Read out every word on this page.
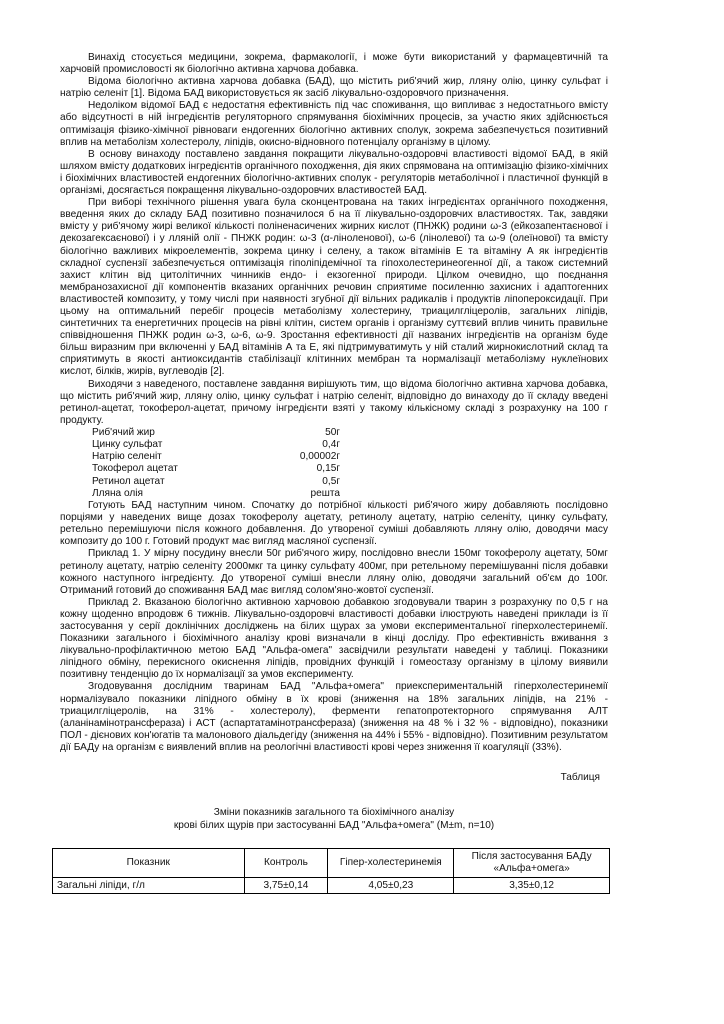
Винахід стосується медицини, зокрема, фармакології, і може бути використаний у фармацевтичній та харчовій промисловості як біологічно активна харчова добавка.

Відома біологічно активна харчова добавка (БАД), що містить риб'ячий жир, лляну олію, цинку сульфат і натрію селеніт [1]. Відома БАД використовується як засіб лікувально-оздоровчого призначення.

Недоліком відомої БАД є недостатня ефективність під час споживання, що випливає з недостатнього вмісту або відсутності в ній інгредієнтів регуляторного спрямування біохімічних процесів, за участю яких здійснюється оптимізація фізико-хімічної рівноваги ендогенних біологічно активних сполук, зокрема забезпечується позитивний вплив на метаболізм холестеролу, ліпідів, окисно-відновного потенціалу організму в цілому.

В основу винаходу поставлено завдання покращити лікувально-оздоровчі властивості відомої БАД, в якій шляхом вмісту додаткових інгредієнтів органічного походження, дія яких спрямована на оптимізацію фізико-хімічних і біохімічних властивостей ендогенних біологічно-активних сполук - регуляторів метаболічної і пластичної функцій в організмі, досягається покращення лікувально-оздоровчих властивостей БАД.

При виборі технічного рішення увага була сконцентрована на таких інгредієнтах органічного походження, введення яких до складу БАД позитивно позначилося б на її лікувально-оздоровчих властивостях. Так, завдяки вмісту у риб'ячому жирі великої кількості поліненасичених жирних кислот (ПНЖК) родини ω-3 (ейкозапентаєнової і декозагексаєнової) і у лляній олії - ПНЖК родин: ω-3 (α-ліноленової), ω-6 (лінолевої) та ω-9 (олеїнової) та вмісту біологічно важливих мікроелементів, зокрема цинку і селену, а також вітамінів Е та вітаміну А як інгредієнтів складної суспензії забезпечується оптимізація гіполіпідемічної та гіпохолестеринеогенної дії, а також системний захист клітин від цитолітичних чинників ендо- і екзогенної природи. Цілком очевидно, що поєднання мембранозахисної дії компонентів вказаних органічних речовин сприятиме посиленню захисних і адаптогенних властивостей композиту, у тому числі при наявності згубної дії вільних радикалів і продуктів ліпопероксидації. При цьому на оптимальний перебіг процесів метаболізму холестерину, триацилгліцеролів, загальних ліпідів, синтетичних та енергетичних процесів на рівні клітин, систем органів і організму суттєвий вплив чинить правильне співвідношення ПНЖК родин ω-3, ω-6, ω-9. Зростання ефективності дії названих інгредієнтів на організм буде більш виразним при включенні у БАД вітамінів А та Е, які підтримуватимуть у ній сталий жирнокислотний склад та сприятимуть в якості антиоксидантів стабілізації клітинних мембран та нормалізації метаболізму нуклеїнових кислот, білків, жирів, вуглеводів [2].

Виходячи з наведеного, поставлене завдання вирішують тим, що відома біологічно активна харчова добавка, що містить риб'ячий жир, лляну олію, цинку сульфат і натрію селеніт, відповідно до винаходу до її складу введені ретинол-ацетат, токоферол-ацетат, причому інгредієнти взяті у такому кількісному складі з розрахунку на 100 г продукту.

Риб'ячий жир	50г
Цинку сульфат	0,4г
Натрію селеніт	0,00002г
Токоферол ацетат	0,15г
Ретинол ацетат	0,5г
Лляна олія	решта

Готують БАД наступним чином. Спочатку до потрібної кількості риб'ячого жиру добавляють послідовно порціями у наведених вище дозах токоферолу ацетату, ретинолу ацетату, натрію селеніту, цинку сульфату, ретельно перемішуючи після кожного добавлення. До утвореної суміші добавляють лляну олію, доводячи масу композиту до 100 г. Готовий продукт має вигляд масляної суспензії.

Приклад 1. У мірну посудину внесли 50г риб'ячого жиру, послідовно внесли 150мг токоферолу ацетату, 50мг ретинолу ацетату, натрію селеніту 2000мкг та цинку сульфату 400мг, при ретельному перемішуванні після добавки кожного наступного інгредієнту. До утвореної суміші внесли лляну олію, доводячи загальний об'єм до 100г. Отриманий готовий до споживання БАД має вигляд солом'яно-жовтої суспензії.

Приклад 2. Вказаною біологічно активною харчовою добавкою згодовували тварин з розрахунку по 0,5 г на кожну щоденно впродовж 6 тижнів. Лікувально-оздоровчі властивості добавки ілюструють наведені приклади із її застосування у серії доклінічних досліджень на білих щурах за умови експериментальної гіперхолестеринемії. Показники загального і біохімічного аналізу крові визначали в кінці досліду. Про ефективність вживання з лікувально-профілактичною метою БАД "Альфа-омега" засвідчили результати наведені у таблиці. Показники ліпідного обміну, перекисного окиснення ліпідів, провідних функцій і гомеостазу організму в цілому виявили позитивну тенденцію до їх нормалізації за умов експерименту.

Згодовування дослідним тваринам БАД "Альфа+омега" приекспериментальній гіперхолестеринемії нормалізувало показники ліпідного обміну в їх крові (зниження на 18% загальних ліпідів, на 21% - триацилгліцеролів, на 31% - холестеролу), ферменти гепатопротекторного спрямування АЛТ (аланінамінотрансфераза) і АСТ (аспартатамінотрансфераза) (зниження на 48 % і 32 % - відповідно), показники ПОЛ - дієнових кон'югатів та малонового діальдегіду (зниження на 44% і 55% - відповідно). Позитивним результатом дії БАДу на організм є виявлений вплив на реологічні властивості крові через зниження її коагуляції (33%).

Таблиця
Зміни показників загального та біохімічного аналізу
крові білих щурів при застосуванні БАД "Альфа+омега" (M±m, n=10)
Показник	Контроль	Гіпер-холестеринемія	Після застосування БАДу «Альфа+омега»
Загальні ліпіди, г/л	3,75±0,14	4,05±0,23	3,35±0,12
